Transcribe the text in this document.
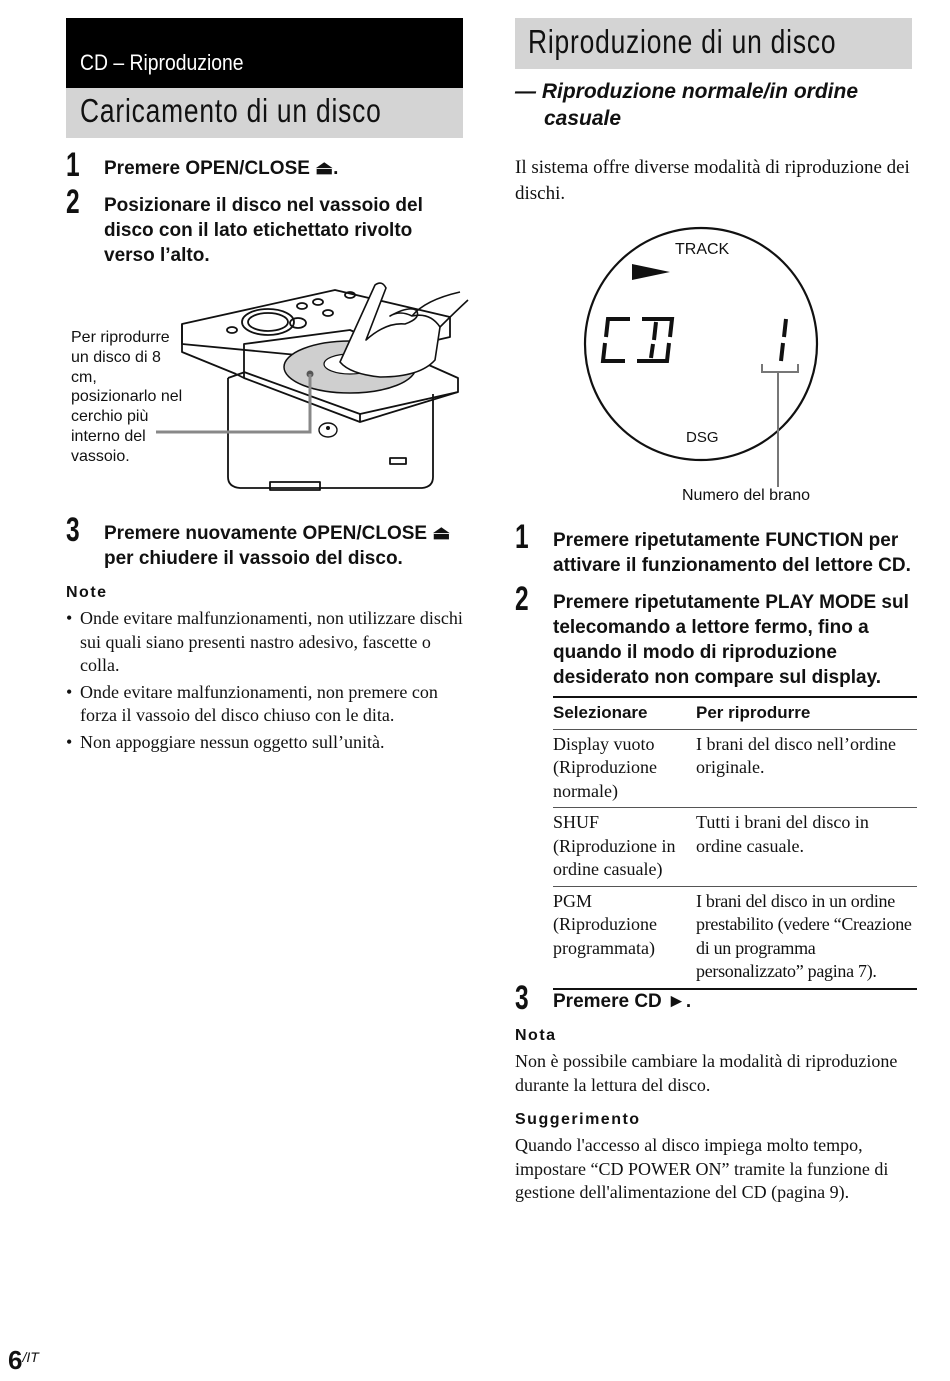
CD – Riproduzione
Caricamento di un disco
1 Premere OPEN/CLOSE ⏏.
2 Posizionare il disco nel vassoio del disco con il lato etichettato rivolto verso l’alto.
Per riprodurre un disco di 8 cm, posizionarlo nel cerchio più interno del vassoio.
3 Premere nuovamente OPEN/CLOSE ⏏ per chiudere il vassoio del disco.
Note
• Onde evitare malfunzionamenti, non utilizzare dischi sui quali siano presenti nastro adesivo, fascette o colla.
• Onde evitare malfunzionamenti, non premere con forza il vassoio del disco chiuso con le dita.
• Non appoggiare nessun oggetto sull’unità.
Riproduzione di un disco
— Riproduzione normale/in ordine casuale
Il sistema offre diverse modalità di riproduzione dei dischi.
TRACK
DSG
Numero del brano
1 Premere ripetutamente FUNCTION per attivare il funzionamento del lettore CD.
2 Premere ripetutamente PLAY MODE sul telecomando a lettore fermo, fino a quando il modo di riproduzione desiderato non compare sul display.
Selezionare	Per riprodurre
Display vuoto (Riproduzione normale)	I brani del disco nell’ordine originale.
SHUF (Riproduzione in ordine casuale)	Tutti i brani del disco in ordine casuale.
PGM (Riproduzione programmata)	I brani del disco in un ordine prestabilito (vedere “Creazione di un programma personalizzato” pagina 7).
3 Premere CD ►.
Nota
Non è possibile cambiare la modalità di riproduzione durante la lettura del disco.
Suggerimento
Quando l'accesso al disco impiega molto tempo, impostare “CD POWER ON” tramite la funzione di gestione dell'alimentazione del CD (pagina 9).
6/IT
